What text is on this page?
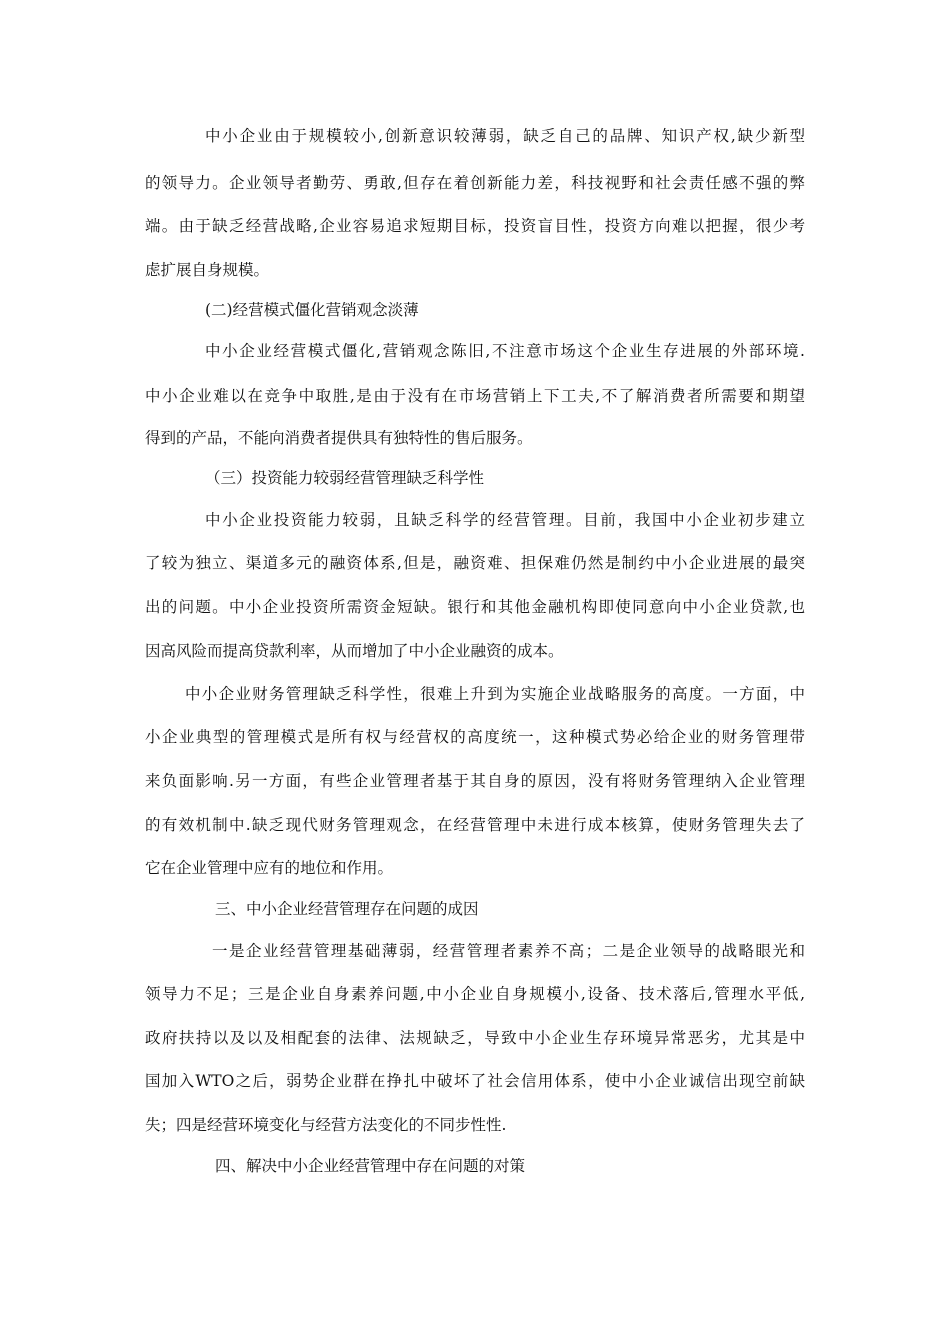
中小企业由于规模较小,创新意识较薄弱，缺乏自己的品牌、知识产权,缺少新型
的领导力。企业领导者勤劳、勇敢,但存在着创新能力差，科技视野和社会责任感不强的弊
端。由于缺乏经营战略,企业容易追求短期目标，投资盲目性，投资方向难以把握，很少考
虑扩展自身规模。
(二)经营模式僵化营销观念淡薄
中小企业经营模式僵化,营销观念陈旧,不注意市场这个企业生存进展的外部环境.
中小企业难以在竞争中取胜,是由于没有在市场营销上下工夫,不了解消费者所需要和期望
得到的产品，不能向消费者提供具有独特性的售后服务。
（三）投资能力较弱经营管理缺乏科学性
中小企业投资能力较弱，且缺乏科学的经营管理。目前，我国中小企业初步建立
了较为独立、渠道多元的融资体系,但是，融资难、担保难仍然是制约中小企业进展的最突
出的问题。中小企业投资所需资金短缺。银行和其他金融机构即使同意向中小企业贷款,也
因高风险而提高贷款利率，从而增加了中小企业融资的成本。
中小企业财务管理缺乏科学性，很难上升到为实施企业战略服务的高度。一方面，中
小企业典型的管理模式是所有权与经营权的高度统一，这种模式势必给企业的财务管理带
来负面影响.另一方面，有些企业管理者基于其自身的原因，没有将财务管理纳入企业管理
的有效机制中.缺乏现代财务管理观念，在经营管理中未进行成本核算，使财务管理失去了
它在企业管理中应有的地位和作用。
三、中小企业经营管理存在问题的成因
一是企业经营管理基础薄弱，经营管理者素养不高；二是企业领导的战略眼光和
领导力不足；三是企业自身素养问题,中小企业自身规模小,设备、技术落后,管理水平低,
政府扶持以及以及相配套的法律、法规缺乏，导致中小企业生存环境异常恶劣，尤其是中
国加入WTO之后，弱势企业群在挣扎中破坏了社会信用体系，使中小企业诚信出现空前缺
失；四是经营环境变化与经营方法变化的不同步性性.
四、解决中小企业经营管理中存在问题的对策
